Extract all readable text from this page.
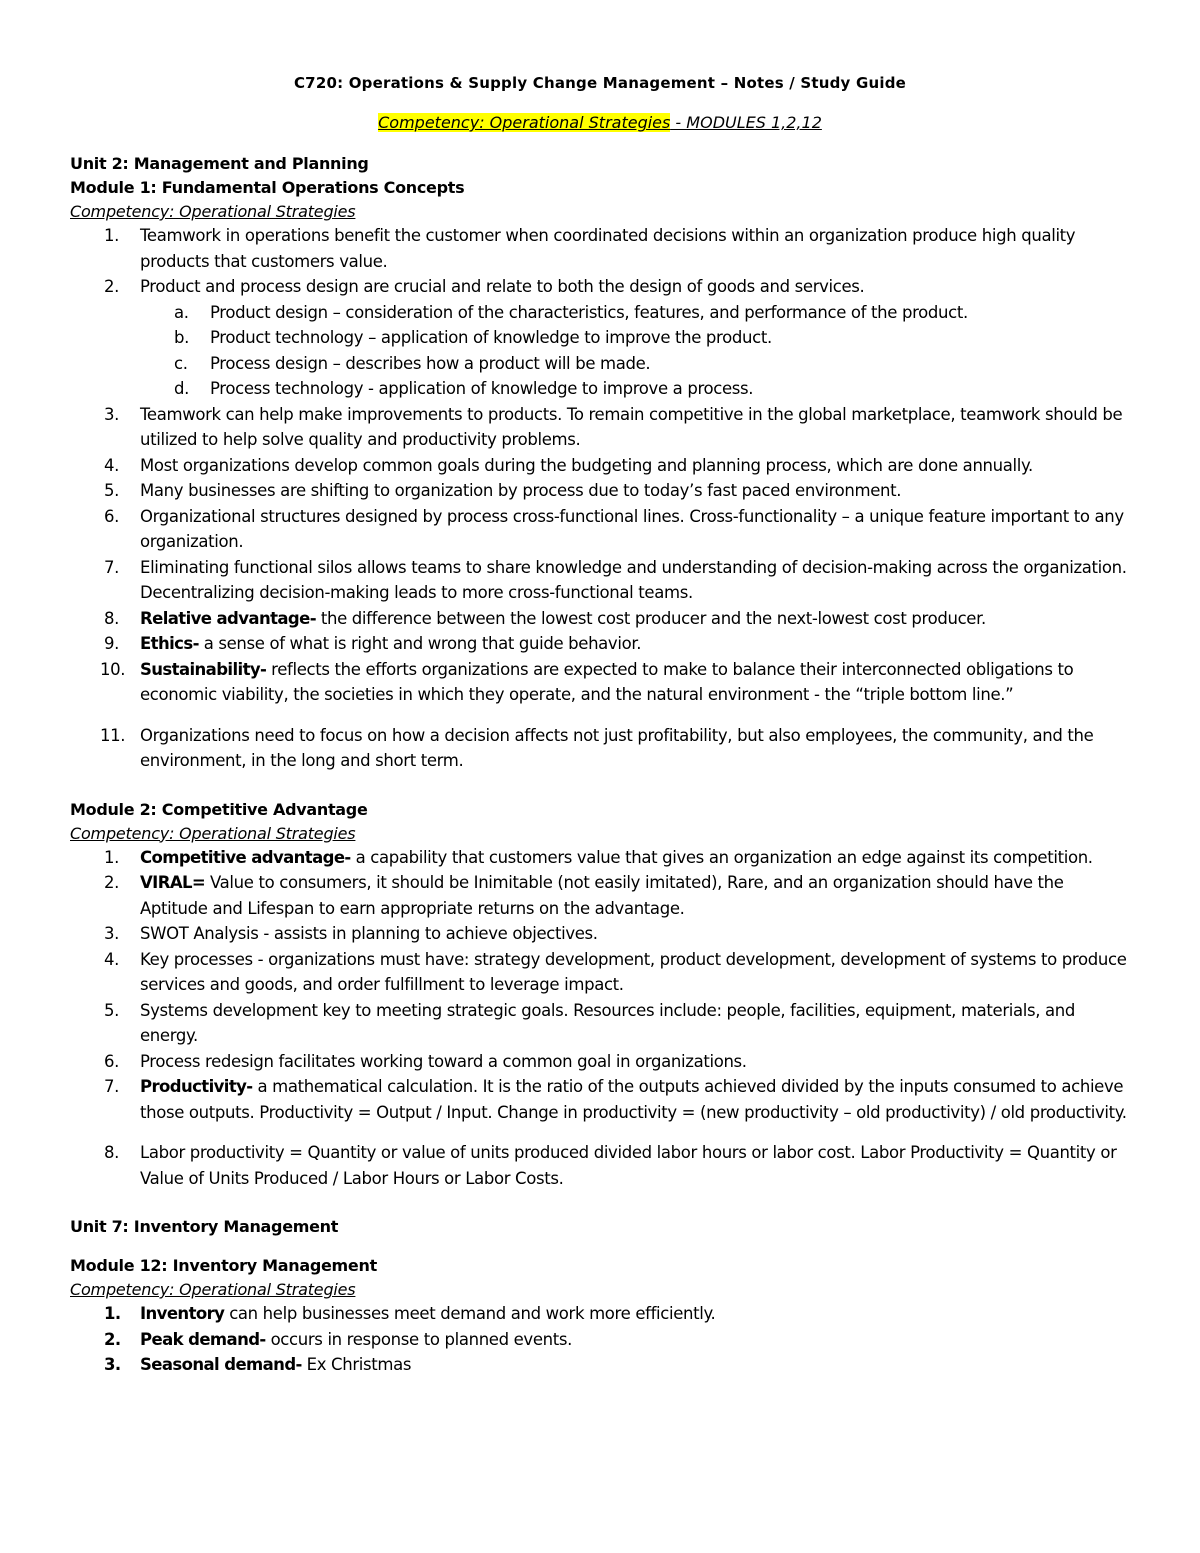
C720: Operations & Supply Change Management – Notes / Study Guide
Competency: Operational Strategies - MODULES 1,2,12

Unit 2: Management and Planning

Module 1: Fundamental Operations Concepts

Competency: Operational Strategies

1.	Teamwork in operations benefit the customer when coordinated decisions within an organization produce high quality products that customers value.
2.	Product and process design are crucial and relate to both the design of goods and services.
a. Product design – consideration of the characteristics, features, and performance of the product.
b. Product technology – application of knowledge to improve the product.
c. Process design – describes how a product will be made.
d. Process technology - application of knowledge to improve a process.
3.	Teamwork can help make improvements to products. To remain competitive in the global marketplace, teamwork should be utilized to help solve quality and productivity problems.
4.	Most organizations develop common goals during the budgeting and planning process, which are done annually.
5.	Many businesses are shifting to organization by process due to today’s fast paced environment.
6.	Organizational structures designed by process cross-functional lines. Cross-functionality – a unique feature important to any organization.
7.	Eliminating functional silos allows teams to share knowledge and understanding of decision-making across the organization. Decentralizing decision-making leads to more cross-functional teams.
8.	Relative advantage- the difference between the lowest cost producer and the next-lowest cost producer.
9.	Ethics- a sense of what is right and wrong that guide behavior.
10. Sustainability- reflects the efforts organizations are expected to make to balance their interconnected obligations to economic viability, the societies in which they operate, and the natural environment - the “triple bottom line.”
11. Organizations need to focus on how a decision affects not just profitability, but also employees, the community, and the environment, in the long and short term.

Module 2: Competitive Advantage

Competency: Operational Strategies

1.	Competitive advantage- a capability that customers value that gives an organization an edge against its competition.
2.	VIRAL= Value to consumers, it should be Inimitable (not easily imitated), Rare, and an organization should have the Aptitude and Lifespan to earn appropriate returns on the advantage.
3.	SWOT Analysis - assists in planning to achieve objectives.
4.	Key processes - organizations must have: strategy development, product development, development of systems to produce services and goods, and order fulfillment to leverage impact.
5.	Systems development key to meeting strategic goals. Resources include: people, facilities, equipment, materials, and energy.
6.	Process redesign facilitates working toward a common goal in organizations.
7.	Productivity- a mathematical calculation. It is the ratio of the outputs achieved divided by the inputs consumed to achieve those outputs. Productivity = Output / Input. Change in productivity = (new productivity – old productivity) / old productivity.
8.	Labor productivity = Quantity or value of units produced divided labor hours or labor cost. Labor Productivity = Quantity or Value of Units Produced / Labor Hours or Labor Costs.

Unit 7: Inventory Management

Module 12: Inventory Management

Competency: Operational Strategies

1.	Inventory can help businesses meet demand and work more efficiently.
2.	Peak demand- occurs in response to planned events.
3.	Seasonal demand- Ex Christmas
